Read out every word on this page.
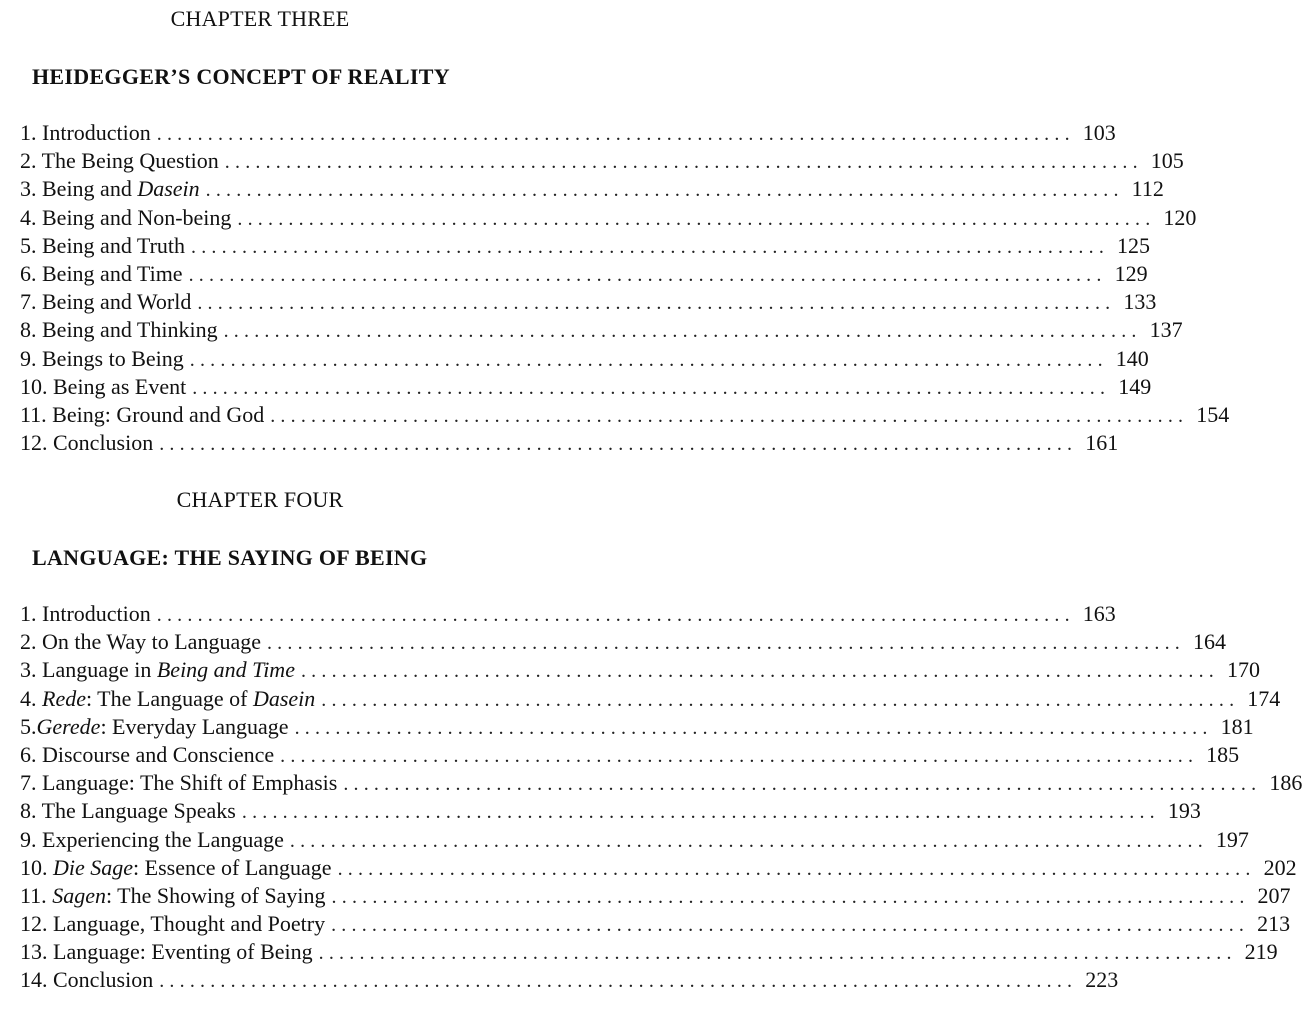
CHAPTER THREE
HEIDEGGER’S CONCEPT OF REALITY
1. Introduction .......................................................................................... 103
2. The Being Question .......................................................................................... 105
3. Being and Dasein .......................................................................................... 112
4. Being and Non-being .......................................................................................... 120
5. Being and Truth .......................................................................................... 125
6. Being and Time .......................................................................................... 129
7. Being and World .......................................................................................... 133
8. Being and Thinking .......................................................................................... 137
9. Beings to Being .......................................................................................... 140
10. Being as Event .......................................................................................... 149
11. Being: Ground and God .......................................................................................... 154
12. Conclusion .......................................................................................... 161
CHAPTER FOUR
LANGUAGE: THE SAYING OF BEING
1. Introduction .......................................................................................... 163
2. On the Way to Language .......................................................................................... 164
3. Language in Being and Time .......................................................................................... 170
4. Rede: The Language of Dasein .......................................................................................... 174
5.Gerede: Everyday Language .......................................................................................... 181
6. Discourse and Conscience .......................................................................................... 185
7. Language: The Shift of Emphasis .......................................................................................... 186
8. The Language Speaks .......................................................................................... 193
9. Experiencing the Language .......................................................................................... 197
10. Die Sage: Essence of Language .......................................................................................... 202
11. Sagen: The Showing of Saying .......................................................................................... 207
12. Language, Thought and Poetry .......................................................................................... 213
13. Language: Eventing of Being .......................................................................................... 219
14. Conclusion .......................................................................................... 223
